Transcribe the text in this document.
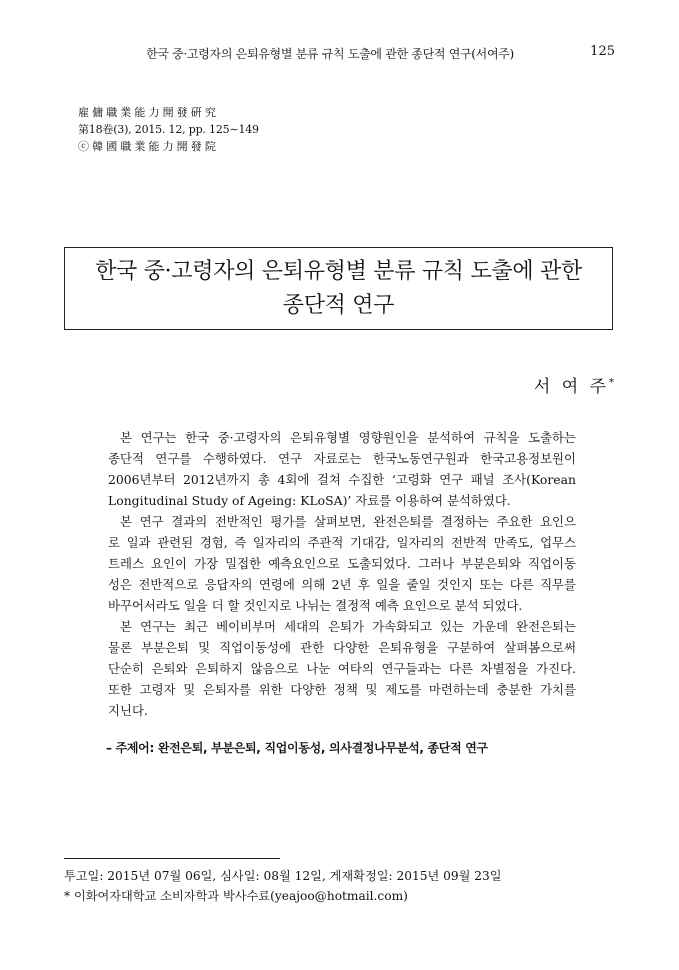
한국 중·고령자의 은퇴유형별 분류 규칙 도출에 관한 종단적 연구(서여주)	125
雇 傭 職 業 能 力 開 發 硏 究
第18卷(3), 2015. 12, pp. 125∼149
ⓒ 韓 國 職 業 能 力 開 發 院
한국 중·고령자의 은퇴유형별 분류 규칙 도출에 관한
종단적 연구
서 여 주*
본 연구는 한국 중·고령자의 은퇴유형별 영향원인을 분석하여 규칙을 도출하는
종단적 연구를 수행하였다. 연구 자료로는 한국노동연구원과 한국고용정보원이
2006년부터 2012년까지 총 4회에 걸쳐 수집한 ‘고령화 연구 패널 조사(Korean
Longitudinal Study of Ageing: KLoSA)’ 자료를 이용하여 분석하였다.
본 연구 결과의 전반적인 평가를 살펴보면, 완전은퇴를 결정하는 주요한 요인으
로 일과 관련된 경험, 즉 일자리의 주관적 기대감, 일자리의 전반적 만족도, 업무스
트레스 요인이 가장 밀접한 예측요인으로 도출되었다. 그러나 부분은퇴와 직업이동
성은 전반적으로 응답자의 연령에 의해 2년 후 일을 줄일 것인지 또는 다른 직무를
바꾸어서라도 일을 더 할 것인지로 나뉘는 결정적 예측 요인으로 분석 되었다.
본 연구는 최근 베이비부머 세대의 은퇴가 가속화되고 있는 가운데 완전은퇴는
물론 부분은퇴 및 직업이동성에 관한 다양한 은퇴유형을 구분하여 살펴봄으로써
단순히 은퇴와 은퇴하지 않음으로 나눈 여타의 연구들과는 다른 차별점을 가진다.
또한 고령자 및 은퇴자를 위한 다양한 정책 및 제도를 마련하는데 충분한 가치를
지닌다.
– 주제어: 완전은퇴, 부분은퇴, 직업이동성, 의사결정나무분석, 종단적 연구
투고일: 2015년 07월 06일, 심사일: 08월 12일, 게재확정일: 2015년 09월 23일
* 이화여자대학교 소비자학과 박사수료(yeajoo@hotmail.com)
